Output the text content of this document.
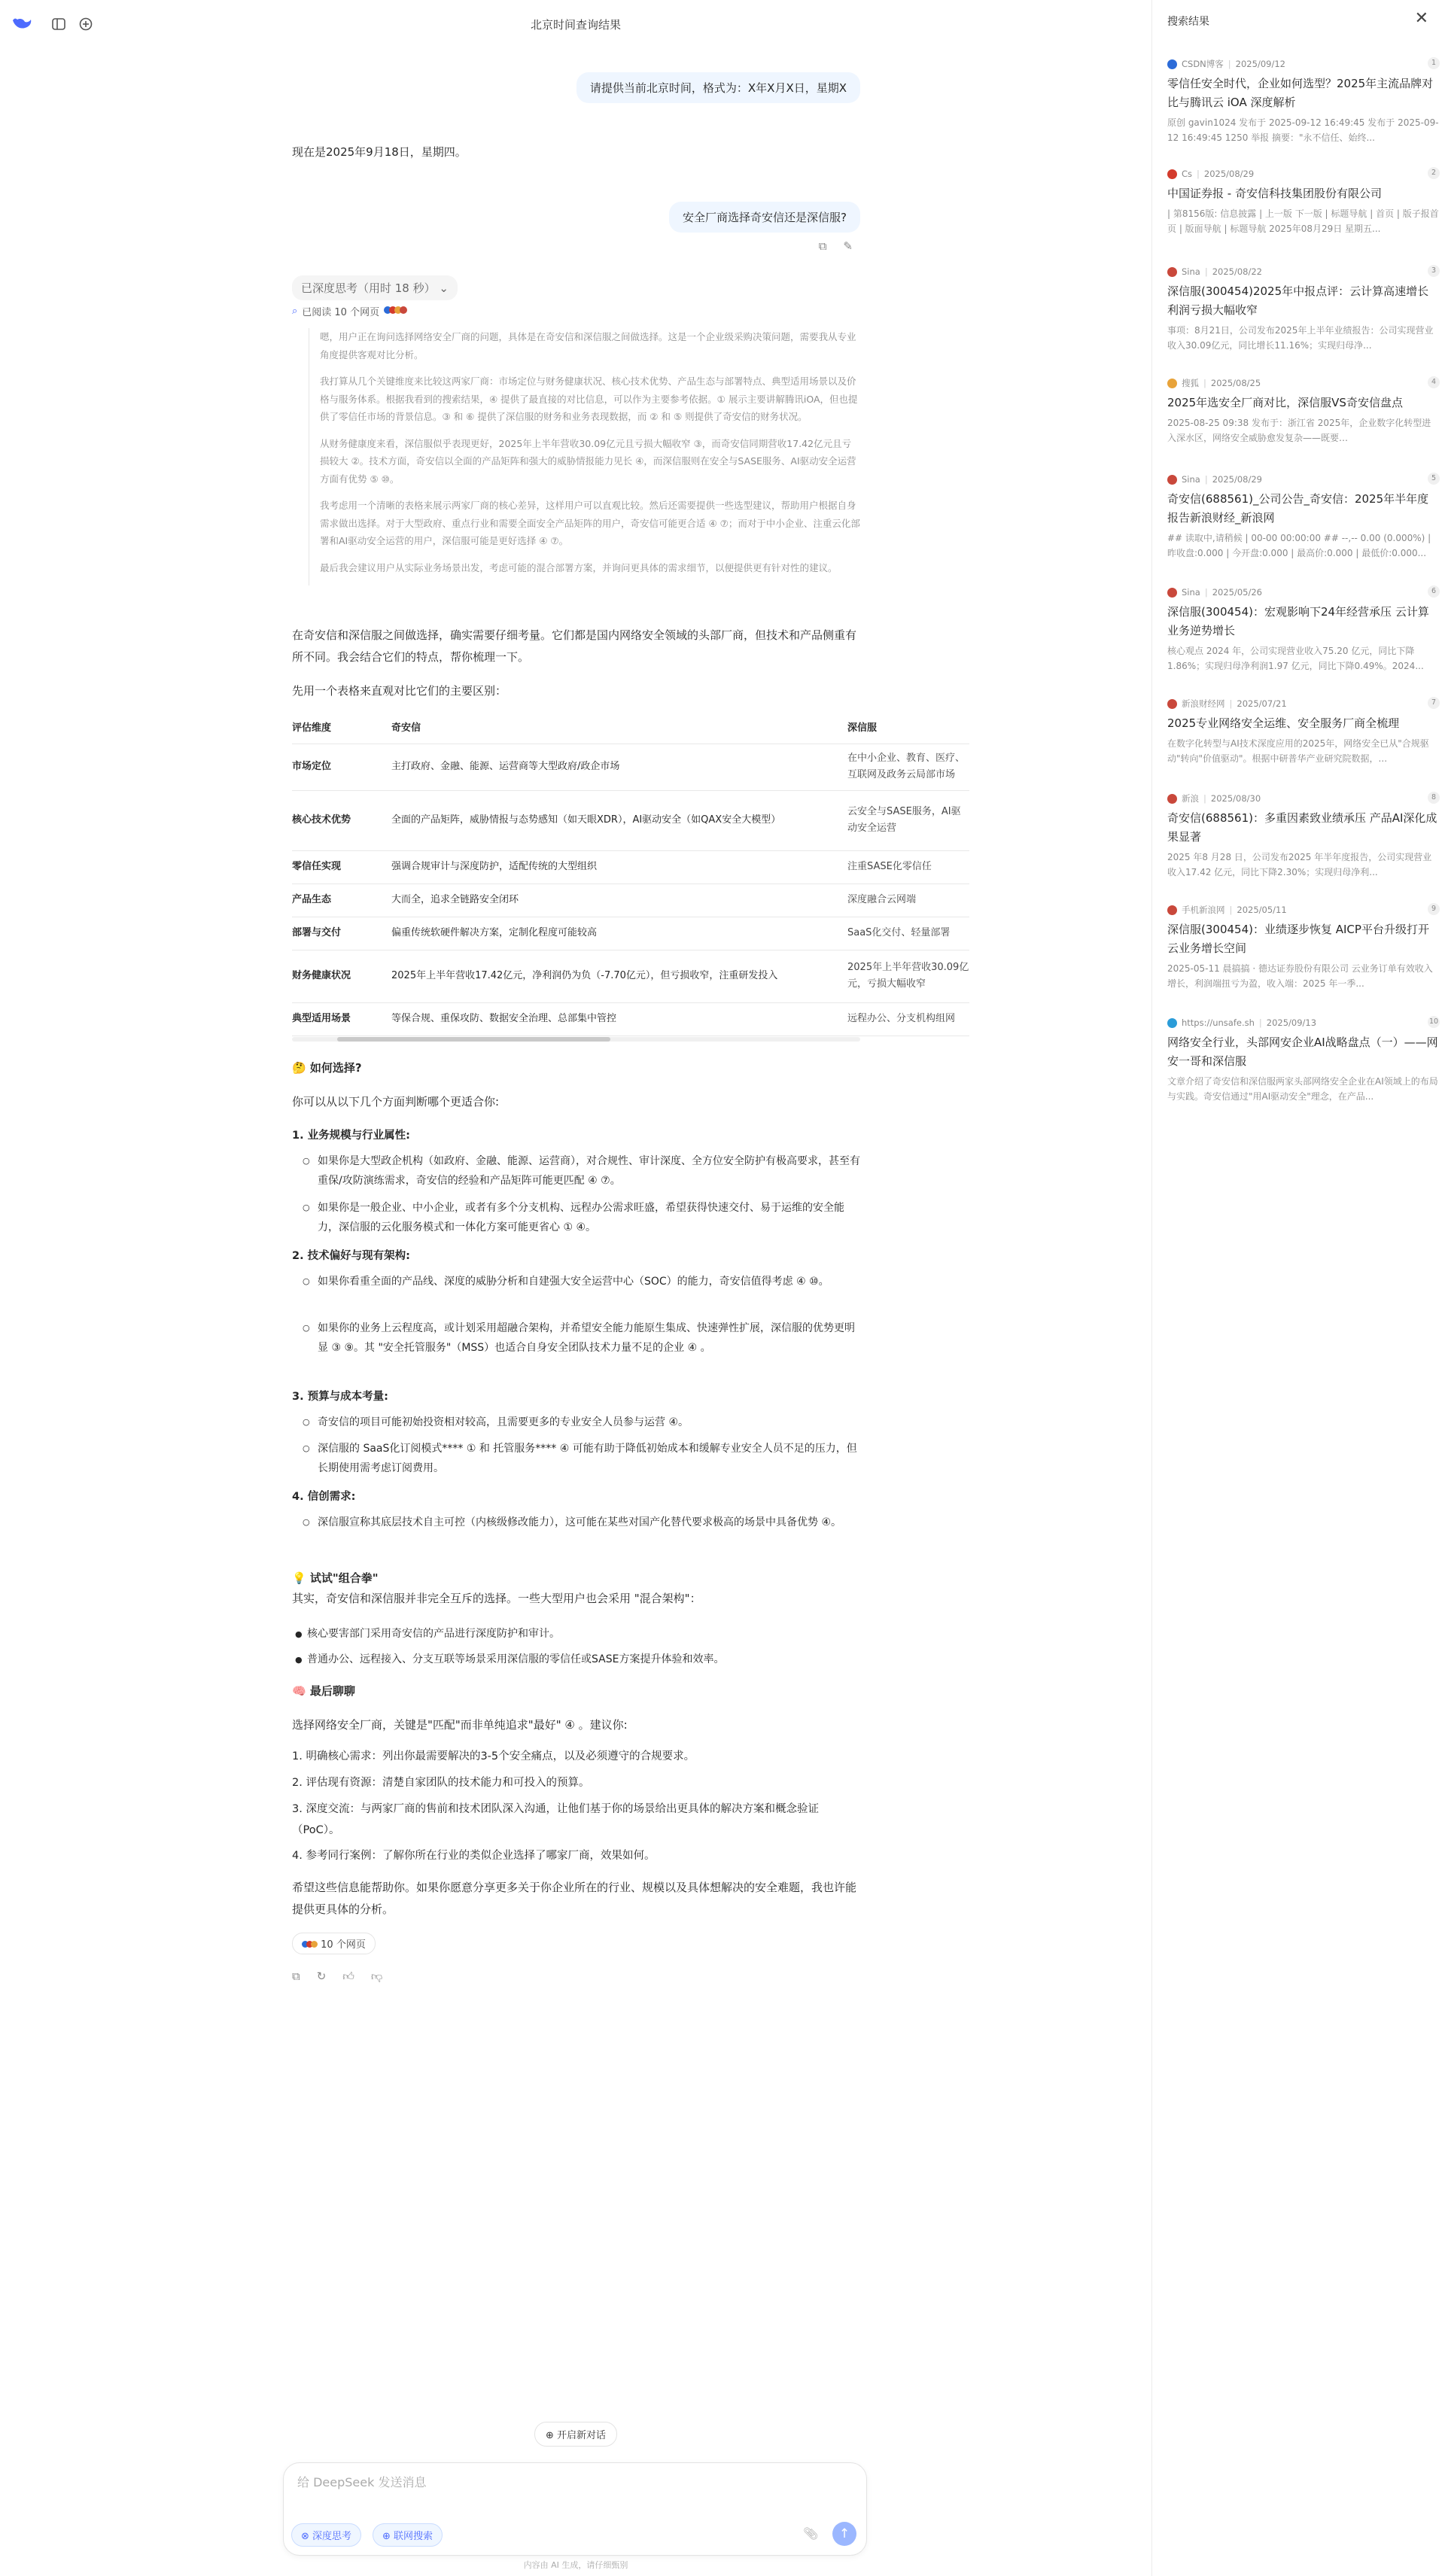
北京时间查询结果
请提供当前北京时间，格式为：X年X月X日，星期X
现在是2025年9月18日，星期四。
安全厂商选择奇安信还是深信服?
⧉ ✎
已深度思考（用时 18 秒） ⌄
⌕ 已阅读 10 个网页

嗯，用户正在询问选择网络安全厂商的问题，具体是在奇安信和深信服之间做选择。这是一个企业级采购决策问题，需要我从专业角度提供客观对比分析。

我打算从几个关键维度来比较这两家厂商：市场定位与财务健康状况、核心技术优势、产品生态与部署特点、典型适用场景以及价格与服务体系。根据我看到的搜索结果，④ 提供了最直接的对比信息，可以作为主要参考依据。① 展示主要讲解腾讯iOA，但也提供了零信任市场的背景信息。③ 和 ⑥ 提供了深信服的财务和业务表现数据，而 ② 和 ⑤ 则提供了奇安信的财务状况。

从财务健康度来看，深信服似乎表现更好，2025年上半年营收30.09亿元且亏损大幅收窄 ③，而奇安信同期营收17.42亿元且亏损较大 ②。技术方面，奇安信以全面的产品矩阵和强大的威胁情报能力见长 ④，而深信服则在安全与SASE服务、AI驱动安全运营方面有优势 ⑤ ⑩。

我考虑用一个清晰的表格来展示两家厂商的核心差异，这样用户可以直观比较。然后还需要提供一些选型建议，帮助用户根据自身需求做出选择。对于大型政府、重点行业和需要全面安全产品矩阵的用户，奇安信可能更合适 ④ ⑦；而对于中小企业、注重云化部署和AI驱动安全运营的用户，深信服可能是更好选择 ④ ⑦。

最后我会建议用户从实际业务场景出发，考虑可能的混合部署方案，并询问更具体的需求细节，以便提供更有针对性的建议。

在奇安信和深信服之间做选择，确实需要仔细考量。它们都是国内网络安全领域的头部厂商，但技术和产品侧重有所不同。我会结合它们的特点，帮你梳理一下。
先用一个表格来直观对比它们的主要区别：
评估维度	奇安信	深信服
市场定位	主打政府、金融、能源、运营商等大型政府/政企市场	在中小企业、教育、医疗、互联网及政务云局部市场
核心技术优势	全面的产品矩阵，威胁情报与态势感知（如天眼XDR），AI驱动安全（如QAX安全大模型）	云安全与SASE服务，AI驱动安全运营
零信任实现	强调合规审计与深度防护，适配传统的大型组织	注重SASE化零信任
产品生态	大而全，追求全链路安全闭环	深度融合云网端
部署与交付	偏重传统软硬件解决方案，定制化程度可能较高	SaaS化交付、轻量部署
财务健康状况	2025年上半年营收17.42亿元，净利润仍为负（-7.70亿元），但亏损收窄，注重研发投入	2025年上半年营收30.09亿元，亏损大幅收窄
典型适用场景	等保合规、重保攻防、数据安全治理、总部集中管控	远程办公、分支机构组网
🤔 如何选择?
你可以从以下几个方面判断哪个更适合你:
1. 业务规模与行业属性:
○ 如果你是大型政企机构（如政府、金融、能源、运营商），对合规性、审计深度、全方位安全防护有极高要求，甚至有重保/攻防演练需求，奇安信的经验和产品矩阵可能更匹配 ④ ⑦。
○ 如果你是一般企业、中小企业，或者有多个分支机构、远程办公需求旺盛，希望获得快速交付、易于运维的安全能力，深信服的云化服务模式和一体化方案可能更省心 ① ④。
2. 技术偏好与现有架构:
○ 如果你看重全面的产品线、深度的威胁分析和自建强大安全运营中心（SOC）的能力，奇安信值得考虑 ④ ⑩。
○ 如果你的业务上云程度高，或计划采用超融合架构，并希望安全能力能原生集成、快速弹性扩展，深信服的优势更明显 ③ ⑨。其 "安全托管服务"（MSS）也适合自身安全团队技术力量不足的企业 ④ 。
3. 预算与成本考量:
○ 奇安信的项目可能初始投资相对较高，且需要更多的专业安全人员参与运营 ④。
○ 深信服的 SaaS化订阅模式**** ① 和 托管服务**** ④ 可能有助于降低初始成本和缓解专业安全人员不足的压力，但长期使用需考虑订阅费用。
4. 信创需求:
○ 深信服宣称其底层技术自主可控（内核级修改能力），这可能在某些对国产化替代要求极高的场景中具备优势 ④。
💡 试试"组合拳"
其实，奇安信和深信服并非完全互斥的选择。一些大型用户也会采用 "混合架构"：
● 核心要害部门采用奇安信的产品进行深度防护和审计。
● 普通办公、远程接入、分支互联等场景采用深信服的零信任或SASE方案提升体验和效率。
🧠 最后聊聊
选择网络安全厂商，关键是"匹配"而非单纯追求"最好" ④ 。建议你:
1. 明确核心需求：列出你最需要解决的3-5个安全痛点，以及必须遵守的合规要求。
2. 评估现有资源：清楚自家团队的技术能力和可投入的预算。
3. 深度交流：与两家厂商的售前和技术团队深入沟通，让他们基于你的场景给出更具体的解决方案和概念验证（PoC）。
4. 参考同行案例：了解你所在行业的类似企业选择了哪家厂商，效果如何。
希望这些信息能帮助你。如果你愿意分享更多关于你企业所在的行业、规模以及具体想解决的安全难题，我也许能提供更具体的分析。
10 个网页
⧉ ↻ 👍︎ 👎︎
⊕ 开启新对话
给 DeepSeek 发送消息
⊗ 深度思考	⊕ 联网搜索	📎︎	↑
内容由 AI 生成，请仔细甄别
搜索结果	✕
CSDN博客 | 2025/09/12	1
零信任安全时代，企业如何选型？2025年主流品牌对比与腾讯云 iOA 深度解析
原创 gavin1024 发布于 2025-09-12 16:49:45 发布于 2025-09-12 16:49:45 1250 举报 摘要："永不信任、始终...
Cs | 2025/08/29	2
中国证券报 - 奇安信科技集团股份有限公司
| 第8156版: 信息披露 | 上一版 下一版 | 标题导航 | 首页 | 版子报首页 | 版面导航 | 标题导航 2025年08月29日 星期五...
Sina | 2025/08/22	3
深信服(300454)2025年中报点评：云计算高速增长 利润亏损大幅收窄
事项：8月21日，公司发布2025年上半年业绩报告：公司实现营业收入30.09亿元，同比增长11.16%；实现归母净...
搜狐 | 2025/08/25	4
2025年选安全厂商对比，深信服VS奇安信盘点
2025-08-25 09:38 发布于：浙江省 2025年，企业数字化转型进入深水区，网络安全威胁愈发复杂——既要…
Sina | 2025/08/29	5
奇安信(688561)_公司公告_奇安信：2025年半年度报告新浪财经_新浪网
## 读取中,请稍候 | 00-00 00:00:00 ## --,-- 0.00 (0.000%) | 昨收盘:0.000 | 今开盘:0.000 | 最高价:0.000 | 最低价:0.000...
Sina | 2025/05/26	6
深信服(300454)：宏观影响下24年经营承压 云计算业务逆势增长
核心观点 2024 年，公司实现营业收入75.20 亿元，同比下降1.86%；实现归母净利润1.97 亿元，同比下降0.49%。2024...
新浪财经网 | 2025/07/21	7
2025专业网络安全运维、安全服务厂商全梳理
在数字化转型与AI技术深度应用的2025年，网络安全已从"合规驱动"转向"价值驱动"。根据中研普华产业研究院数据，...
新浪 | 2025/08/30	8
奇安信(688561)：多重因素致业绩承压 产品AI深化成果显著
2025 年8 月28 日，公司发布2025 年半年度报告，公司实现营业收入17.42 亿元，同比下降2.30%；实现归母净利...
手机新浪网 | 2025/05/11	9
深信服(300454)：业绩逐步恢复 AICP平台升级打开云业务增长空间
2025-05-11 晨搞搞 · 德达证券股份有限公司 云业务订单有效收入增长，利润端扭亏为盈，收入端：2025 年一季...
https://unsafe.sh | 2025/09/13	10
网络安全行业，头部网安企业AI战略盘点（一）——网安一哥和深信服
文章介绍了奇安信和深信服两家头部网络安全企业在AI领域上的布局与实践。奇安信通过"用AI驱动安全"理念，在产品...
